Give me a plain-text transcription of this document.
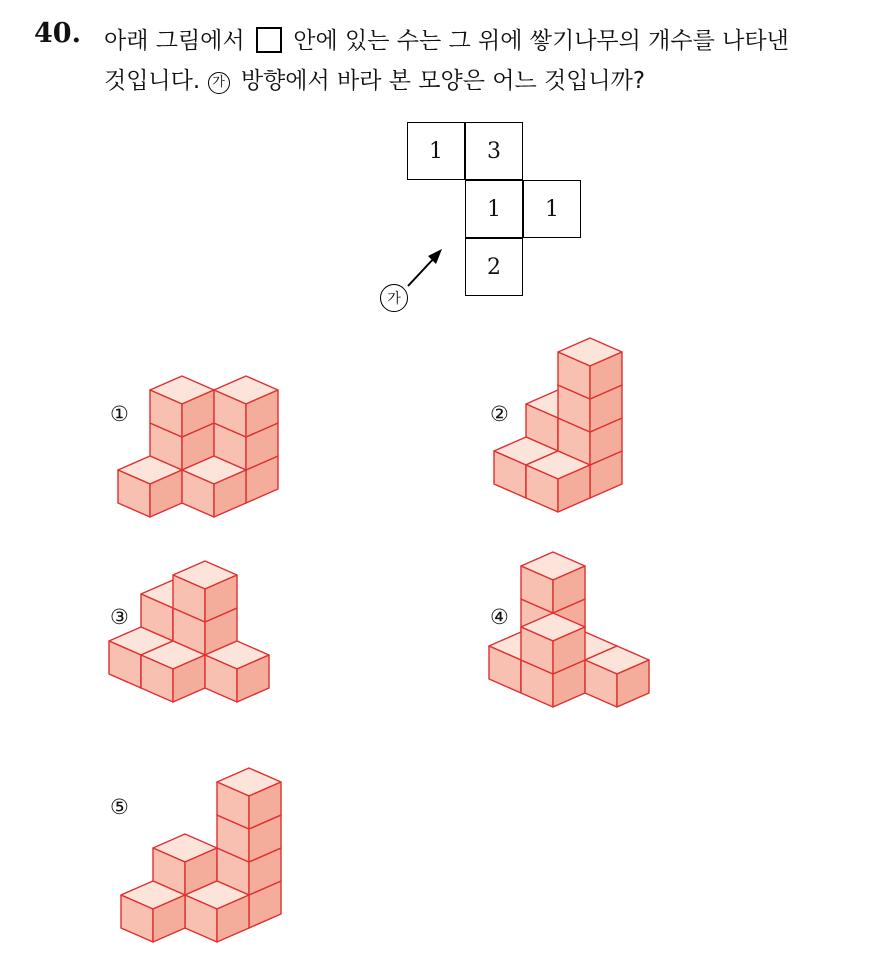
40. 아래 그림에서 안에 있는 수는 그 위에 쌓기나무의 개수를 나타낸
것입니다. 가 방향에서 바라 본 모양은 어느 것입니까?
1	3
1	1
2
가
①	②
③	④
⑤
